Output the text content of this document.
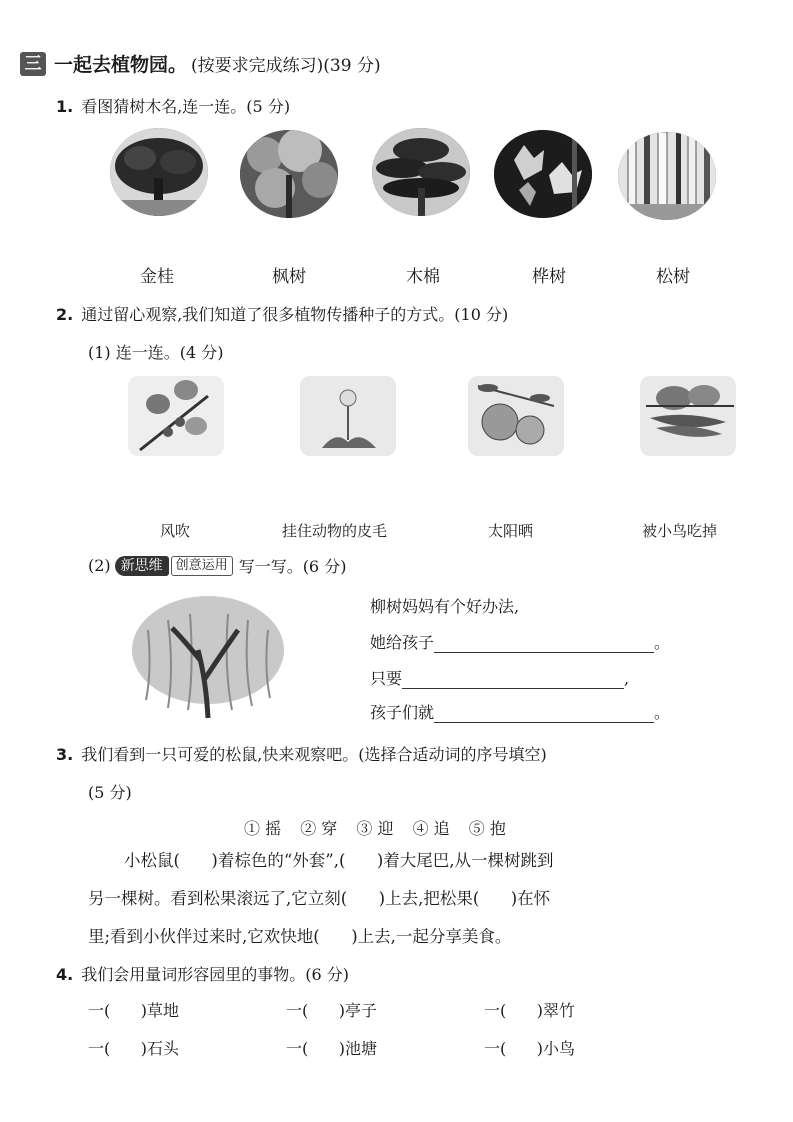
三 一起去植物园。 (按要求完成练习)(39 分)
1. 看图猜树木名,连一连。(5 分)
金桂	枫树	木棉	桦树	松树
2. 通过留心观察,我们知道了很多植物传播种子的方式。(10 分)
(1) 连一连。(4 分)
风吹	挂住动物的皮毛	太阳晒	被小鸟吃掉
(2) 新思维	创意运用 写一写。(6 分)
柳树妈妈有个好办法,
她给孩子	。
只要	,
孩子们就	。
3. 我们看到一只可爱的松鼠,快来观察吧。(选择合适动词的序号填空)
(5 分)
① 摇 ② 穿 ③ 迎 ④ 追 ⑤ 抱
小松鼠(      )着棕色的“外套”,(      )着大尾巴,从一棵树跳到
另一棵树。看到松果滚远了,它立刻(      )上去,把松果(      )在怀
里;看到小伙伴过来时,它欢快地(      )上去,一起分享美食。
4. 我们会用量词形容园里的事物。(6 分)
一(      )草地	一(      )亭子	一(      )翠竹
一(      )石头	一(      )池塘	一(      )小鸟
